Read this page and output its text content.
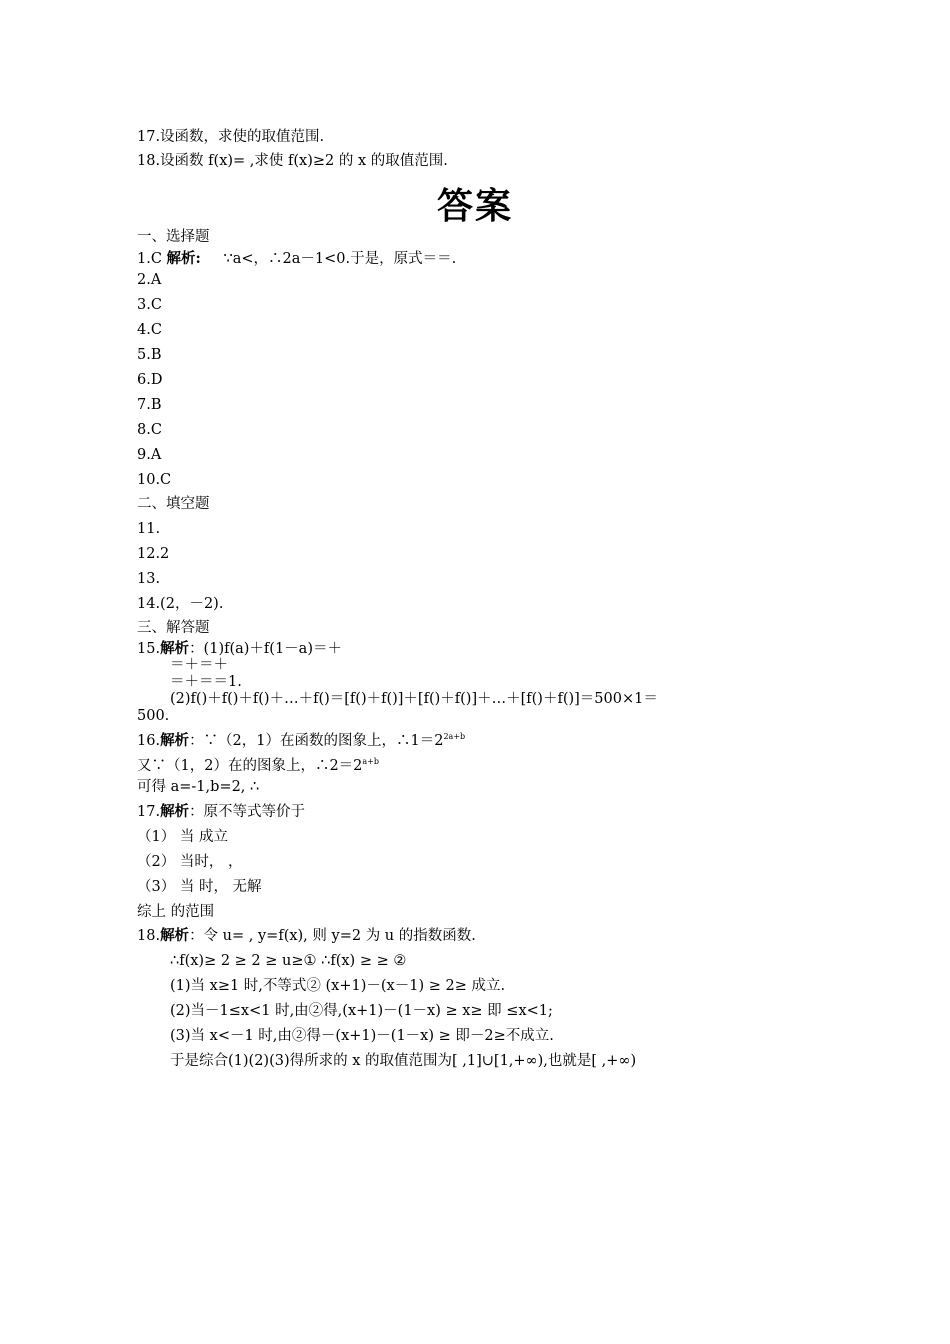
17.设函数，求使的取值范围.
18.设函数 f(x)= ,求使 f(x)≥2 的 x 的取值范围.
答案
一、选择题
1.C 解析: ∵a<，∴2a－1<0.于是，原式＝＝.
2.A
3.C
4.C
5.B
6.D
7.B
8.C
9.A
10.C
二、填空题
11.
12.2
13.
14.(2，－2).
三、解答题
15.解析：(1)f(a)＋f(1－a)＝＋
＝＋＝＋
＝＋＝＝1.
(2)f()＋f()＋f()＋…＋f()＝[f()＋f()]＋[f()＋f()]＋…＋[f()＋f()]＝500×1＝
500.
16.解析：∵（2，1）在函数的图象上，$\therefore 1=2^{2a+b}$
又∵（1，2）在的图象上，$\therefore 2=2^{a+b}$
可得 a=-1,b=2, ∴
17.解析：原不等式等价于
（1） 当 成立
（2） 当时， ，
（3） 当 时， 无解
综上 的范围
18.解析：令 u= , y=f(x), 则 y=2 为 u 的指数函数.
∴f(x)≥ 2 ≥ 2 ≥ u≥① ∴f(x) ≥ ≥ ②
(1)当 x≥1 时,不等式② (x+1)－(x－1) ≥ 2≥ 成立.
(2)当－1≤x<1 时,由②得,(x+1)－(1－x) ≥ x≥ 即 ≤x<1;
(3)当 x<－1 时,由②得－(x+1)－(1－x) ≥ 即－2≥不成立.
于是综合(1)(2)(3)得所求的 x 的取值范围为[ ,1]∪[1,+∞),也就是[ ,+∞)
